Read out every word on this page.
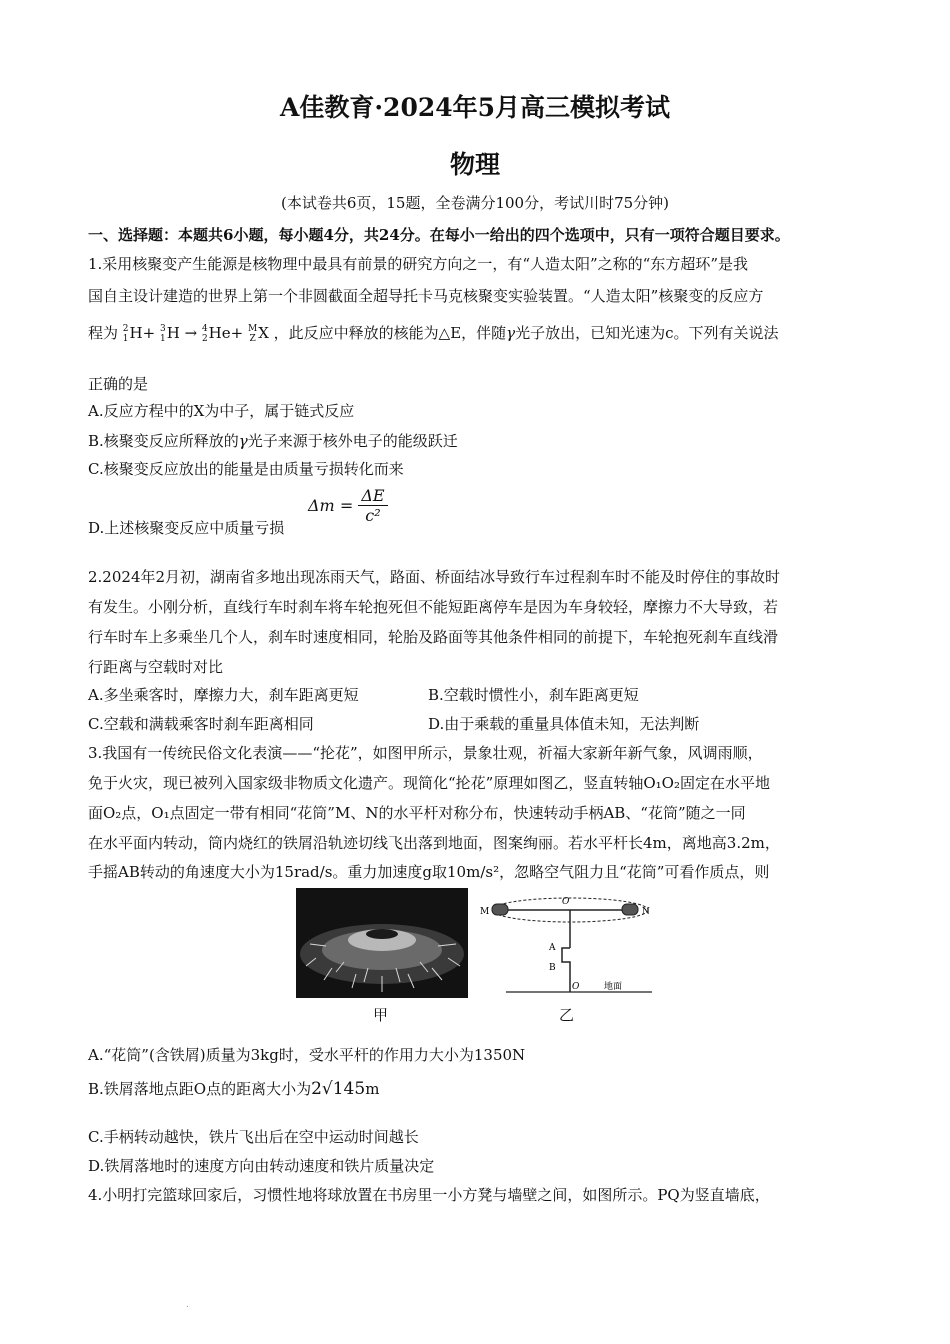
A佳教育·2024年5月高三模拟考试
物理
(本试卷共6页，15题，全卷满分100分，考试川时75分钟)
一、选择题：本题共6小题，每小题4分，共24分。在每小一给出的四个选项中，只有一项符合题目要求。
1.采用核聚变产生能源是核物理中最具有前景的研究方向之一，有“人造太阳”之称的“东方超环”是我
国自主设计建造的世界上第一个非圆截面全超导托卡马克核聚变实验装置。“人造太阳”核聚变的反应方
程为 2
1 H+ 3
1 H → 4
2 He+ M
Z X ，此反应中释放的核能为△E，伴随γ光子放出，已知光速为c。下列有关说法
正确的是
A.反应方程中的X为中子，属于链式反应
B.核聚变反应所释放的γ光子来源于核外电子的能级跃迁
C.核聚变反应放出的能量是由质量亏损转化而来
D.上述核聚变反应中质量亏损
$\Delta m = \frac{\Delta E}{\text{c²}}$
2.2024年2月初，湖南省多地出现冻雨天气，路面、桥面结冰导致行车过程刹车时不能及时停住的事故时
有发生。小刚分析，直线行车时刹车将车轮抱死但不能短距离停车是因为车身较轻，摩擦力不大导致，若
行车时车上多乘坐几个人，刹车时速度相同，轮胎及路面等其他条件相同的前提下，车轮抱死刹车直线滑
行距离与空载时对比
A.多坐乘客时，摩擦力大，刹车距离更短	B.空载时惯性小，刹车距离更短
C.空载和满载乘客时刹车距离相同	D.由于乘载的重量具体值未知，无法判断
3.我国有一传统民俗文化表演——“抡花”，如图甲所示，景象壮观，祈福大家新年新气象，风调雨顺，
免于火灾，现已被列入国家级非物质文化遗产。现简化“抡花”原理如图乙，竖直转轴O₁O₂固定在水平地
面O₂点，O₁点固定一带有相同“花筒”M、N的水平杆对称分布，快速转动手柄AB、“花筒”随之一同
在水平面内转动，筒内烧红的铁屑沿轨迹切线飞出落到地面，图案绚丽。若水平杆长4m，离地高3.2m，
手摇AB转动的角速度大小为15rad/s。重力加速度g取10m/s²，忽略空气阻力且“花筒”可看作质点，则
M	N
O
A
B
O	地面
甲	乙
A.“花筒”(含铁屑)质量为3kg时，受水平杆的作用力大小为1350N
B.铁屑落地点距O点的距离大小为2√145m
C.手柄转动越快，铁片飞出后在空中运动时间越长
D.铁屑落地时的速度方向由转动速度和铁片质量决定
4.小明打完篮球回家后，习惯性地将球放置在书房里一小方凳与墙壁之间，如图所示。PQ为竖直墙底，
.
